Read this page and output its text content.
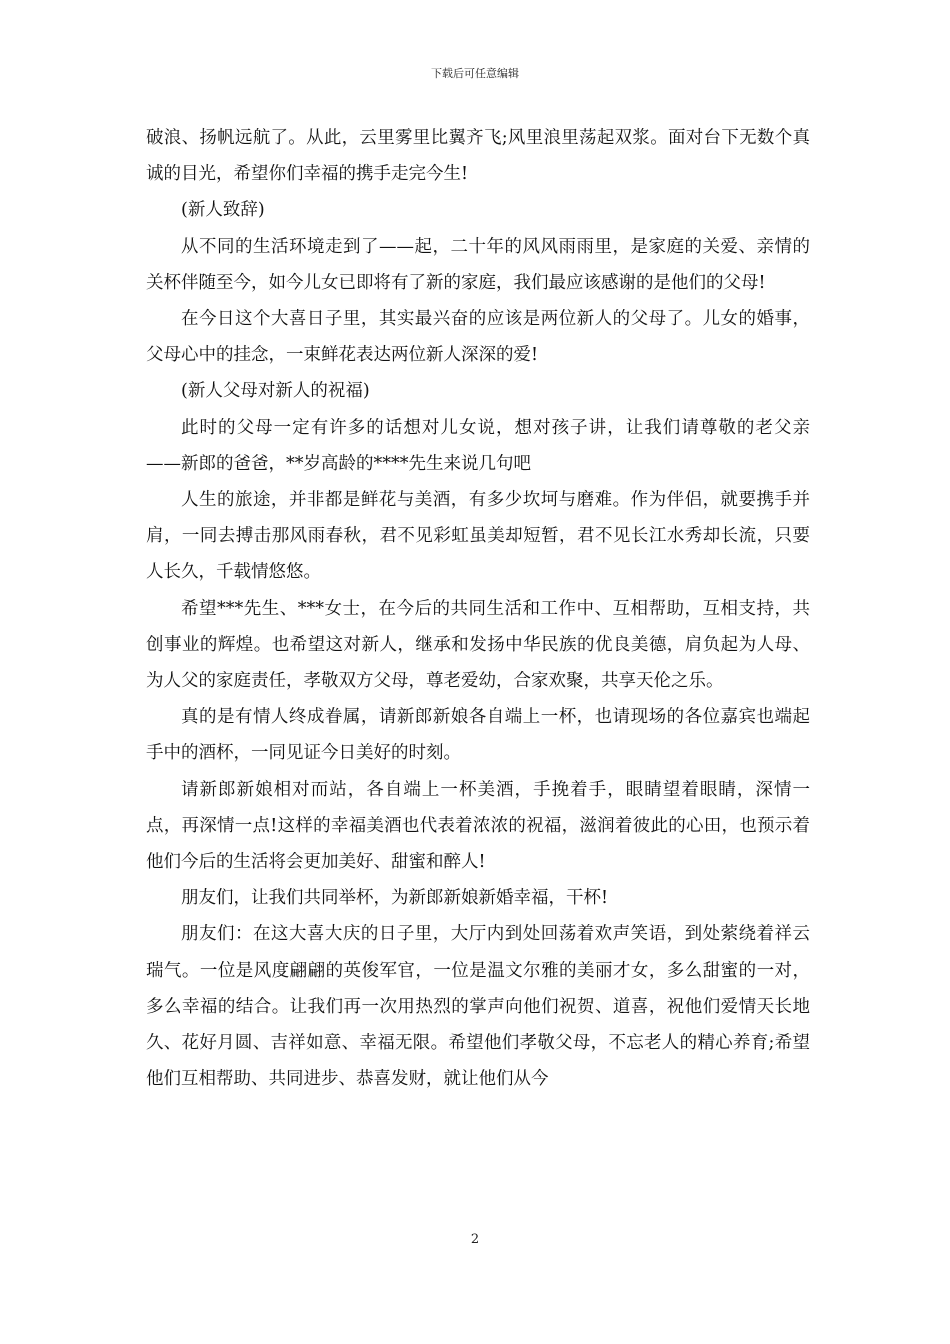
下载后可任意编辑

破浪、扬帆远航了。从此，云里雾里比翼齐飞;风里浪里荡起双浆。面对台下无数个真诚的目光，希望你们幸福的携手走完今生!

(新人致辞)

从不同的生活环境走到了——起，二十年的风风雨雨里，是家庭的关爱、亲情的关杯伴随至今，如今儿女已即将有了新的家庭，我们最应该感谢的是他们的父母!

在今日这个大喜日子里，其实最兴奋的应该是两位新人的父母了。儿女的婚事，父母心中的挂念，一束鲜花表达两位新人深深的爱!

(新人父母对新人的祝福)

此时的父母一定有许多的话想对儿女说，想对孩子讲，让我们请尊敬的老父亲——新郎的爸爸，**岁高龄的****先生来说几句吧

人生的旅途，并非都是鲜花与美酒，有多少坎坷与磨难。作为伴侣，就要携手并肩，一同去搏击那风雨春秋，君不见彩虹虽美却短暂，君不见长江水秀却长流，只要人长久，千载情悠悠。

希望***先生、***女士，在今后的共同生活和工作中、互相帮助，互相支持，共创事业的辉煌。也希望这对新人，继承和发扬中华民族的优良美德，肩负起为人母、为人父的家庭责任，孝敬双方父母，尊老爱幼，合家欢聚，共享天伦之乐。

真的是有情人终成眷属，请新郎新娘各自端上一杯，也请现场的各位嘉宾也端起手中的酒杯，一同见证今日美好的时刻。

请新郎新娘相对而站，各自端上一杯美酒，手挽着手，眼睛望着眼睛，深情一点，再深情一点!这样的幸福美酒也代表着浓浓的祝福，滋润着彼此的心田，也预示着他们今后的生活将会更加美好、甜蜜和醉人!

朋友们，让我们共同举杯，为新郎新娘新婚幸福，干杯!

朋友们：在这大喜大庆的日子里，大厅内到处回荡着欢声笑语，到处萦绕着祥云瑞气。一位是风度翩翩的英俊军官，一位是温文尔雅的美丽才女，多么甜蜜的一对，多么幸福的结合。让我们再一次用热烈的掌声向他们祝贺、道喜，祝他们爱情天长地久、花好月圆、吉祥如意、幸福无限。希望他们孝敬父母，不忘老人的精心养育;希望他们互相帮助、共同进步、恭喜发财，就让他们从今

2
